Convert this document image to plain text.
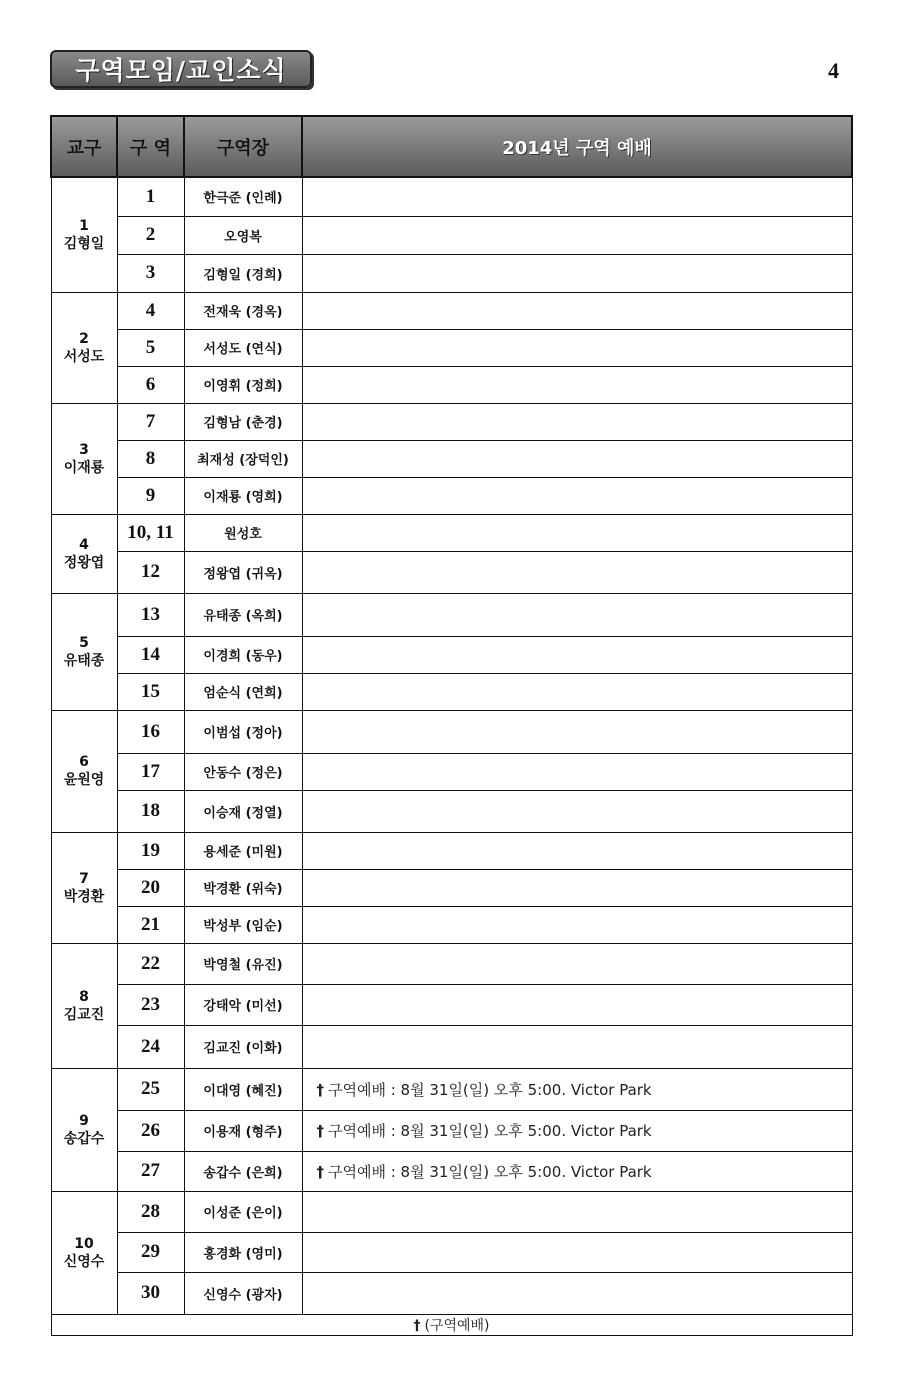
구역모임/교인소식	4
교구	구 역	구역장	2014년 구역 예배

1
김형일	1	한극준 (인례)	
	2	오영복	
	3	김형일 (경희)	

2
서성도	4	전재욱 (경옥)	
	5	서성도 (연식)	
	6	이영휘 (정희)	

3
이재룡	7	김형남 (춘경)	
	8	최재성 (장덕인)	
	9	이재룡 (영희)	

4
정왕엽	10, 11	원성호	
	12	정왕엽 (귀옥)	

5
유태종	13	유태종 (옥희)	
	14	이경희 (동우)	
	15	엄순식 (연희)	

6
윤원영	16	이범섭 (정아)	
	17	안동수 (정은)	
	18	이승재 (정열)	

7
박경환	19	용세준 (미원)	
	20	박경환 (위숙)	
	21	박성부 (임순)	

8
김교진	22	박영철 (유진)	
	23	강태악 (미선)	
	24	김교진 (이화)	

9
송갑수	25	이대영 (혜진)	† 구역예배 : 8월 31일(일) 오후 5:00. Victor Park
	26	이용재 (형주)	† 구역예배 : 8월 31일(일) 오후 5:00. Victor Park
	27	송갑수 (은희)	† 구역예배 : 8월 31일(일) 오후 5:00. Victor Park

10
신영수	28	이성준 (은이)	
	29	홍경화 (영미)	
	30	신영수 (광자)	
† (구역예배)			
